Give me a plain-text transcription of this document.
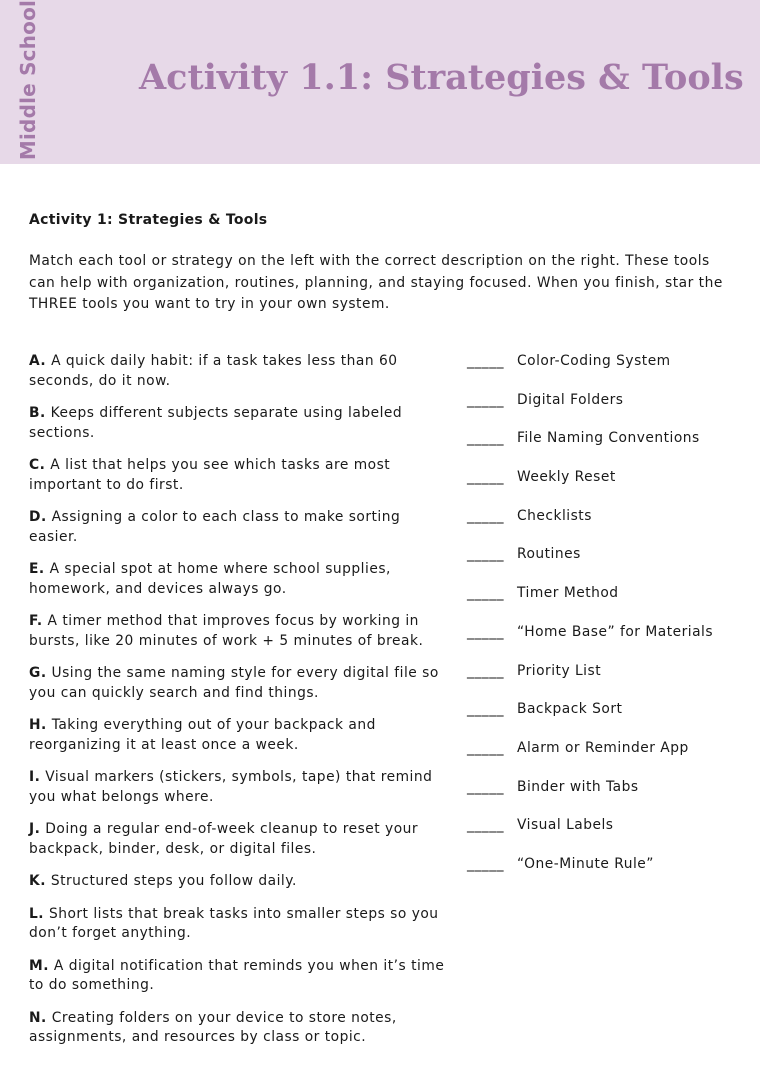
Middle School	Activity 1.1: Strategies & Tools
Activity 1: Strategies & Tools

Match each tool or strategy on the left with the correct description on the right. These tools can help with organization, routines, planning, and staying focused. When you finish, star the THREE tools you want to try in your own system.

A. A quick daily habit: if a task takes less than 60 seconds, do it now.
B. Keeps different subjects separate using labeled sections.
C. A list that helps you see which tasks are most important to do first.
D. Assigning a color to each class to make sorting easier.
E. A special spot at home where school supplies, homework, and devices always go.
F. A timer method that improves focus by working in bursts, like 20 minutes of work + 5 minutes of break.
G. Using the same naming style for every digital file so you can quickly search and find things.
H. Taking everything out of your backpack and reorganizing it at least once a week.
I. Visual markers (stickers, symbols, tape) that remind you what belongs where.
J. Doing a regular end-of-week cleanup to reset your backpack, binder, desk, or digital files.
K. Structured steps you follow daily.
L. Short lists that break tasks into smaller steps so you don’t forget anything.
M. A digital notification that reminds you when it’s time to do something.
N. Creating folders on your device to store notes, assignments, and resources by class or topic.
_____ Color-Coding System
_____ Digital Folders
_____ File Naming Conventions
_____ Weekly Reset
_____ Checklists
_____ Routines
_____ Timer Method
_____ “Home Base” for Materials
_____ Priority List
_____ Backpack Sort
_____ Alarm or Reminder App
_____ Binder with Tabs
_____ Visual Labels
_____ “One-Minute Rule”
